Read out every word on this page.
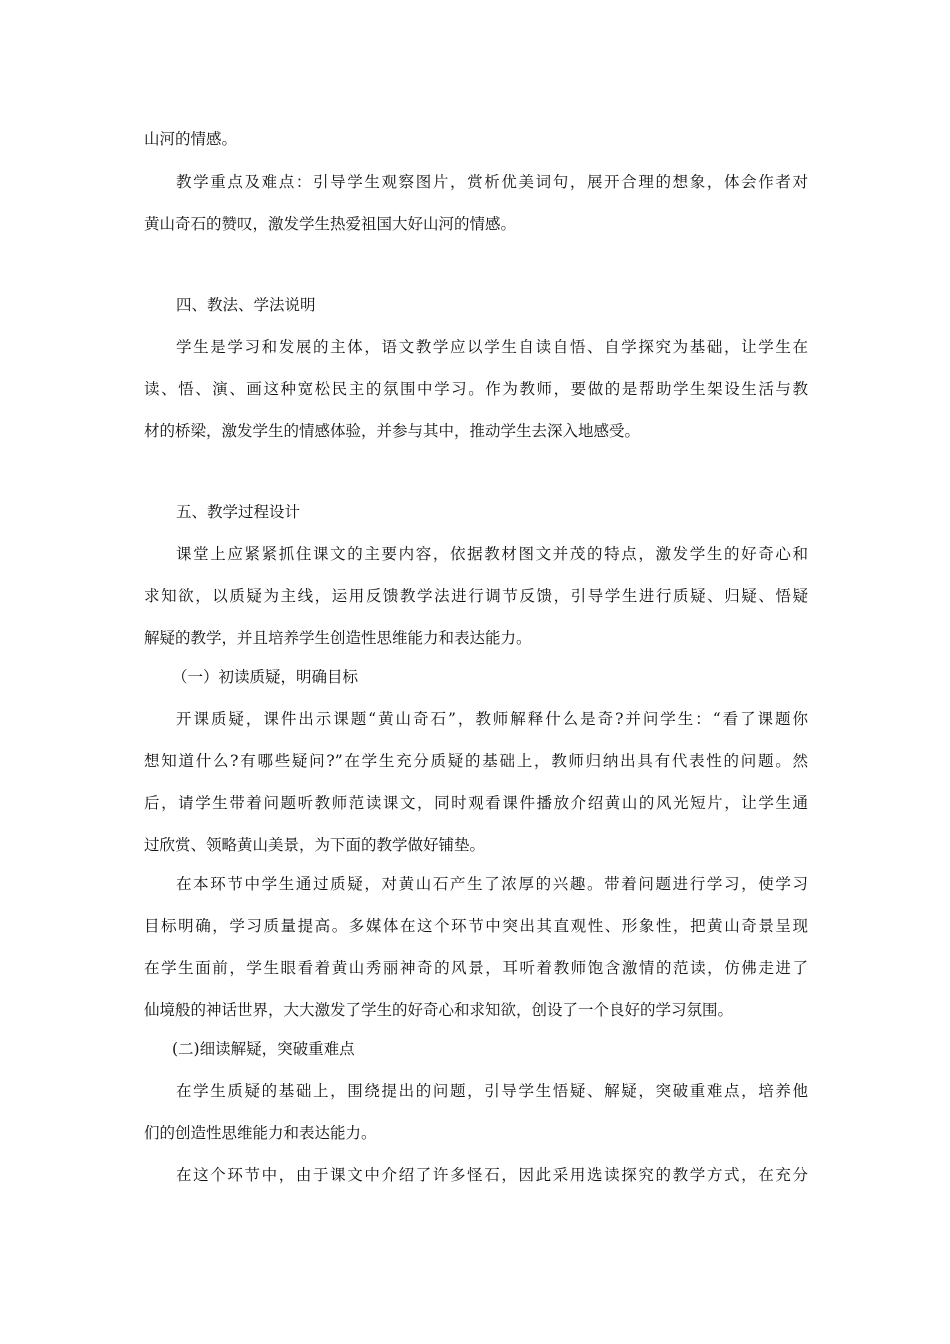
山河的情感。
教学重点及难点：引导学生观察图片，赏析优美词句，展开合理的想象，体会作者对
黄山奇石的赞叹，激发学生热爱祖国大好山河的情感。
四、教法、学法说明
学生是学习和发展的主体，语文教学应以学生自读自悟、自学探究为基础，让学生在
读、悟、演、画这种宽松民主的氛围中学习。作为教师，要做的是帮助学生架设生活与教
材的桥梁，激发学生的情感体验，并参与其中，推动学生去深入地感受。
五、教学过程设计
课堂上应紧紧抓住课文的主要内容，依据教材图文并茂的特点，激发学生的好奇心和
求知欲，以质疑为主线，运用反馈教学法进行调节反馈，引导学生进行质疑、归疑、悟疑
解疑的教学，并且培养学生创造性思维能力和表达能力。
（一）初读质疑，明确目标
开课质疑，课件出示课题“黄山奇石”，教师解释什么是奇?并问学生：“看了课题你
想知道什么?有哪些疑问?”在学生充分质疑的基础上，教师归纳出具有代表性的问题。然
后，请学生带着问题听教师范读课文，同时观看课件播放介绍黄山的风光短片，让学生通
过欣赏、领略黄山美景，为下面的教学做好铺垫。
在本环节中学生通过质疑，对黄山石产生了浓厚的兴趣。带着问题进行学习，使学习
目标明确，学习质量提高。多媒体在这个环节中突出其直观性、形象性，把黄山奇景呈现
在学生面前，学生眼看着黄山秀丽神奇的风景，耳听着教师饱含激情的范读，仿佛走进了
仙境般的神话世界，大大激发了学生的好奇心和求知欲，创设了一个良好的学习氛围。
(二)细读解疑，突破重难点
在学生质疑的基础上，围绕提出的问题，引导学生悟疑、解疑，突破重难点，培养他
们的创造性思维能力和表达能力。
在这个环节中，由于课文中介绍了许多怪石，因此采用选读探究的教学方式，在充分
